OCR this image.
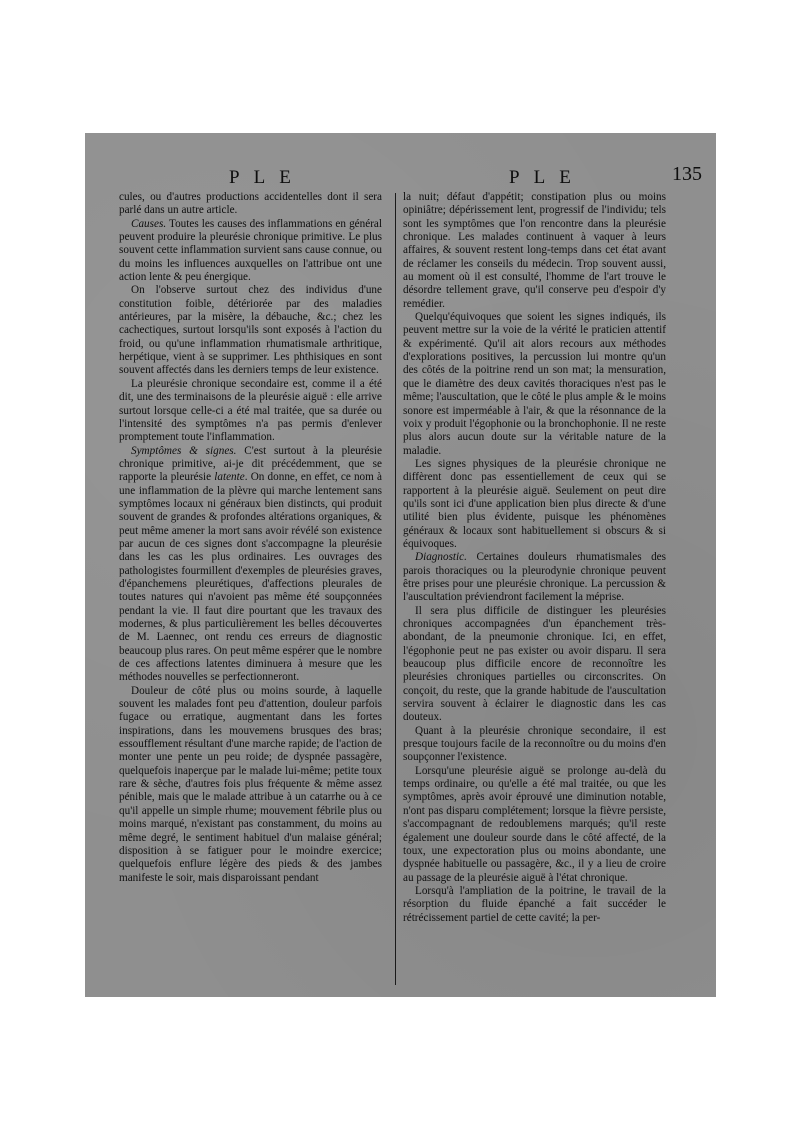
P L E	P L E	135

cules, ou d'autres productions accidentelles dont il sera parlé dans un autre article.

Causes. Toutes les causes des inflammations en général peuvent produire la pleurésie chronique primitive. Le plus souvent cette inflammation survient sans cause connue, ou du moins les influences auxquelles on l'attribue ont une action lente & peu énergique.

On l'observe surtout chez des individus d'une constitution foible, détériorée par des maladies antérieures, par la misère, la débauche, &c.; chez les cachectiques, surtout lorsqu'ils sont exposés à l'action du froid, ou qu'une inflammation rhumatismale arthritique, herpétique, vient à se supprimer. Les phthisiques en sont souvent affectés dans les derniers temps de leur existence.

La pleurésie chronique secondaire est, comme il a été dit, une des terminaisons de la pleurésie aiguë : elle arrive surtout lorsque celle-ci a été mal traitée, que sa durée ou l'intensité des symptômes n'a pas permis d'enlever promptement toute l'inflammation.

Symptômes & signes. C'est surtout à la pleurésie chronique primitive, ai-je dit précédemment, que se rapporte la pleurésie latente. On donne, en effet, ce nom à une inflammation de la plèvre qui marche lentement sans symptômes locaux ni généraux bien distincts, qui produit souvent de grandes & profondes altérations organiques, & peut même amener la mort sans avoir révélé son existence par aucun de ces signes dont s'accompagne la pleurésie dans les cas les plus ordinaires. Les ouvrages des pathologistes fourmillent d'exemples de pleurésies graves, d'épanchemens pleurétiques, d'affections pleurales de toutes natures qui n'avoient pas même été soupçonnées pendant la vie. Il faut dire pourtant que les travaux des modernes, & plus particulièrement les belles découvertes de M. Laennec, ont rendu ces erreurs de diagnostic beaucoup plus rares. On peut même espérer que le nombre de ces affections latentes diminuera à mesure que les méthodes nouvelles se perfectionneront.

Douleur de côté plus ou moins sourde, à laquelle souvent les malades font peu d'attention, douleur parfois fugace ou erratique, augmentant dans les fortes inspirations, dans les mouvemens brusques des bras; essoufflement résultant d'une marche rapide; de l'action de monter une pente un peu roide; de dyspnée passagère, quelquefois inaperçue par le malade lui-même; petite toux rare & sèche, d'autres fois plus fréquente & même assez pénible, mais que le malade attribue à un catarrhe ou à ce qu'il appelle un simple rhume; mouvement fébrile plus ou moins marqué, n'existant pas constamment, du moins au même degré, le sentiment habituel d'un malaise général; disposition à se fatiguer pour le moindre exercice; quelquefois enflure légère des pieds & des jambes manifeste le soir, mais disparoissant pendant

la nuit; défaut d'appétit; constipation plus ou moins opiniâtre; dépérissement lent, progressif de l'individu; tels sont les symptômes que l'on rencontre dans la pleurésie chronique. Les malades continuent à vaquer à leurs affaires, & souvent restent long-temps dans cet état avant de réclamer les conseils du médecin. Trop souvent aussi, au moment où il est consulté, l'homme de l'art trouve le désordre tellement grave, qu'il conserve peu d'espoir d'y remédier.

Quelqu'équivoques que soient les signes indiqués, ils peuvent mettre sur la voie de la vérité le praticien attentif & expérimenté. Qu'il ait alors recours aux méthodes d'explorations positives, la percussion lui montre qu'un des côtés de la poitrine rend un son mat; la mensuration, que le diamètre des deux cavités thoraciques n'est pas le même; l'auscultation, que le côté le plus ample & le moins sonore est imperméable à l'air, & que la résonnance de la voix y produit l'égophonie ou la bronchophonie. Il ne reste plus alors aucun doute sur la véritable nature de la maladie.

Les signes physiques de la pleurésie chronique ne diffèrent donc pas essentiellement de ceux qui se rapportent à la pleurésie aiguë. Seulement on peut dire qu'ils sont ici d'une application bien plus directe & d'une utilité bien plus évidente, puisque les phénomènes généraux & locaux sont habituellement si obscurs & si équivoques.

Diagnostic. Certaines douleurs rhumatismales des parois thoraciques ou la pleurodynie chronique peuvent être prises pour une pleurésie chronique. La percussion & l'auscultation préviendront facilement la méprise.

Il sera plus difficile de distinguer les pleurésies chroniques accompagnées d'un épanchement très-abondant, de la pneumonie chronique. Ici, en effet, l'égophonie peut ne pas exister ou avoir disparu. Il sera beaucoup plus difficile encore de reconnoître les pleurésies chroniques partielles ou circonscrites. On conçoit, du reste, que la grande habitude de l'auscultation servira souvent à éclairer le diagnostic dans les cas douteux.

Quant à la pleurésie chronique secondaire, il est presque toujours facile de la reconnoître ou du moins d'en soupçonner l'existence.

Lorsqu'une pleurésie aiguë se prolonge au-delà du temps ordinaire, ou qu'elle a été mal traitée, ou que les symptômes, après avoir éprouvé une diminution notable, n'ont pas disparu complétement; lorsque la fièvre persiste, s'accompagnant de redoublemens marqués; qu'il reste également une douleur sourde dans le côté affecté, de la toux, une expectoration plus ou moins abondante, une dyspnée habituelle ou passagère, &c., il y a lieu de croire au passage de la pleurésie aiguë à l'état chronique.

Lorsqu'à l'ampliation de la poitrine, le travail de la résorption du fluide épanché a fait succéder le rétrécissement partiel de cette cavité; la per-
